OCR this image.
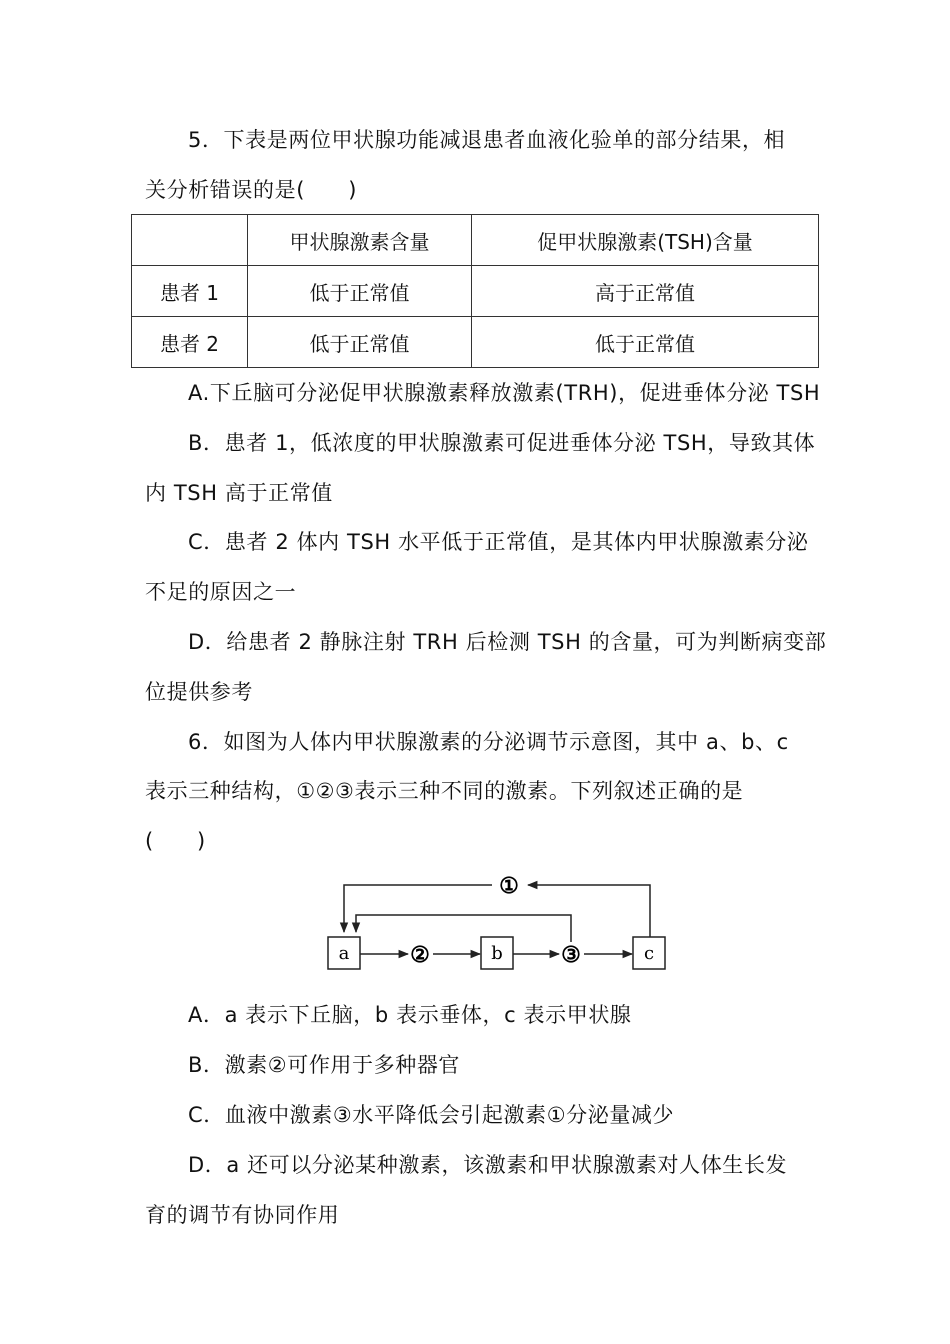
5．下表是两位甲状腺功能减退患者血液化验单的部分结果，相
关分析错误的是(　　)
	甲状腺激素含量	促甲状腺激素(TSH)含量
患者 1	低于正常值	高于正常值
患者 2	低于正常值	低于正常值
A.下丘脑可分泌促甲状腺激素释放激素(TRH)，促进垂体分泌 TSH
B．患者 1，低浓度的甲状腺激素可促进垂体分泌 TSH，导致其体
内 TSH 高于正常值
C．患者 2 体内 TSH 水平低于正常值，是其体内甲状腺激素分泌
不足的原因之一
D．给患者 2 静脉注射 TRH 后检测 TSH 的含量，可为判断病变部
位提供参考
6．如图为人体内甲状腺激素的分泌调节示意图，其中 a、b、c
表示三种结构，①②③表示三种不同的激素。下列叙述正确的是
(　　)
a	b	c
①
②	③
A．a 表示下丘脑，b 表示垂体，c 表示甲状腺
B．激素②可作用于多种器官
C．血液中激素③水平降低会引起激素①分泌量减少
D．a 还可以分泌某种激素，该激素和甲状腺激素对人体生长发
育的调节有协同作用
